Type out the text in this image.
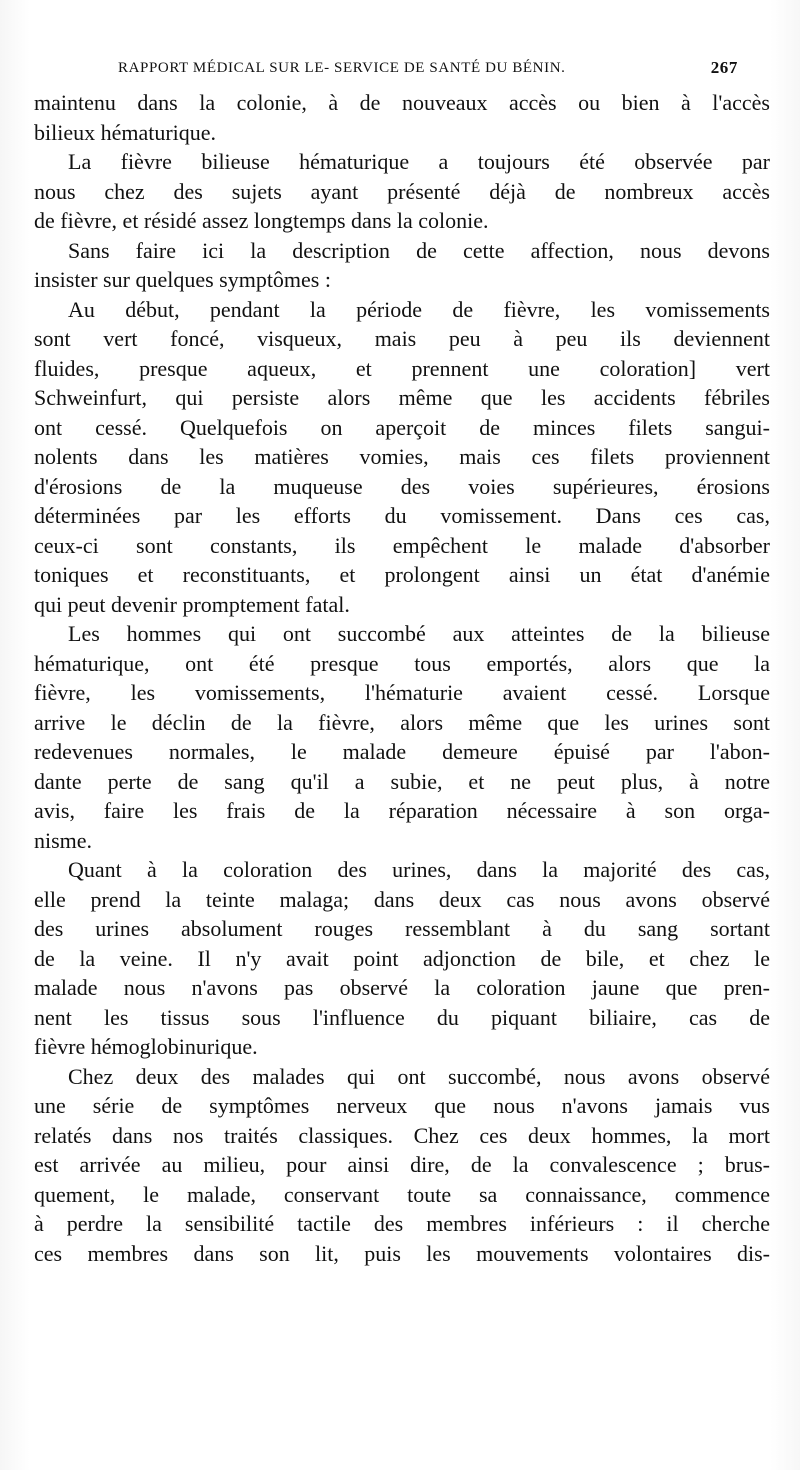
RAPPORT MÉDICAL SUR LE- SERVICE DE SANTÉ DU BÉNIN.	267
maintenu dans la colonie, à de nouveaux accès ou bien à l'accès
bilieux hématurique.
La fièvre bilieuse hématurique a toujours été observée par
nous chez des sujets ayant présenté déjà de nombreux accès
de fièvre, et résidé assez longtemps dans la colonie.
Sans faire ici la description de cette affection, nous devons
insister sur quelques symptômes :
Au début, pendant la période de fièvre, les vomissements
sont vert foncé, visqueux, mais peu à peu ils deviennent
fluides, presque aqueux, et prennent une coloration] vert
Schweinfurt, qui persiste alors même que les accidents fébriles
ont cessé. Quelquefois on aperçoit de minces filets sangui-
nolents dans les matières vomies, mais ces filets proviennent
d'érosions de la muqueuse des voies supérieures, érosions
déterminées par les efforts du vomissement. Dans ces cas,
ceux-ci sont constants, ils empêchent le malade d'absorber
toniques et reconstituants, et prolongent ainsi un état d'anémie
qui peut devenir promptement fatal.
Les hommes qui ont succombé aux atteintes de la bilieuse
hématurique, ont été presque tous emportés, alors que la
fièvre, les vomissements, l'hématurie avaient cessé. Lorsque
arrive le déclin de la fièvre, alors même que les urines sont
redevenues normales, le malade demeure épuisé par l'abon-
dante perte de sang qu'il a subie, et ne peut plus, à notre
avis, faire les frais de la réparation nécessaire à son orga-
nisme.
Quant à la coloration des urines, dans la majorité des cas,
elle prend la teinte malaga; dans deux cas nous avons observé
des urines absolument rouges ressemblant à du sang sortant
de la veine. Il n'y avait point adjonction de bile, et chez le
malade nous n'avons pas observé la coloration jaune que pren-
nent les tissus sous l'influence du piquant biliaire, cas de
fièvre hémoglobinurique.
Chez deux des malades qui ont succombé, nous avons observé
une série de symptômes nerveux que nous n'avons jamais vus
relatés dans nos traités classiques. Chez ces deux hommes, la mort
est arrivée au milieu, pour ainsi dire, de la convalescence ; brus-
quement, le malade, conservant toute sa connaissance, commence
à perdre la sensibilité tactile des membres inférieurs : il cherche
ces membres dans son lit, puis les mouvements volontaires dis-
